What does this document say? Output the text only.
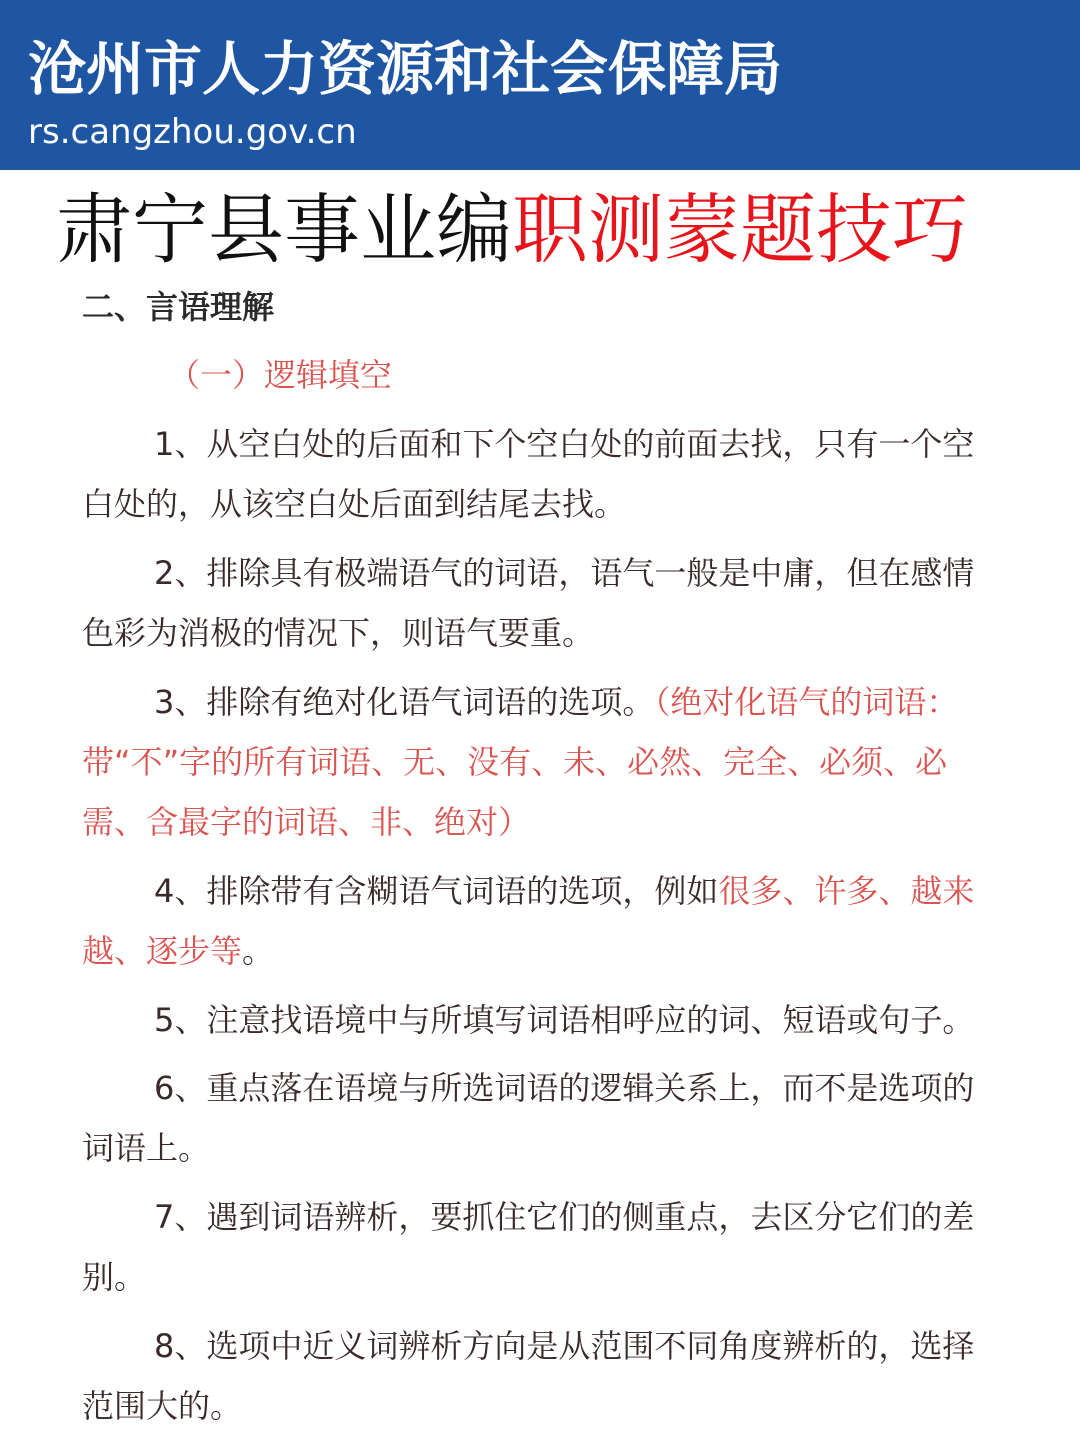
沧州市人力资源和社会保障局
rs.cangzhou.gov.cn
肃宁县事业编职测蒙题技巧
二、言语理解
（一）逻辑填空
1、从空白处的后面和下个空白处的前面去找，只有一个空白处的，从该空白处后面到结尾去找。
2、排除具有极端语气的词语，语气一般是中庸，但在感情色彩为消极的情况下，则语气要重。
3、排除有绝对化语气词语的选项。（绝对化语气的词语：带“不”字的所有词语、无、没有、未、必然、完全、必须、必需、含最字的词语、非、绝对）
4、排除带有含糊语气词语的选项，例如很多、许多、越来越、逐步等。
5、注意找语境中与所填写词语相呼应的词、短语或句子。
6、重点落在语境与所选词语的逻辑关系上，而不是选项的词语上。
7、遇到词语辨析，要抓住它们的侧重点，去区分它们的差别。
8、选项中近义词辨析方向是从范围不同角度辨析的，选择范围大的。
